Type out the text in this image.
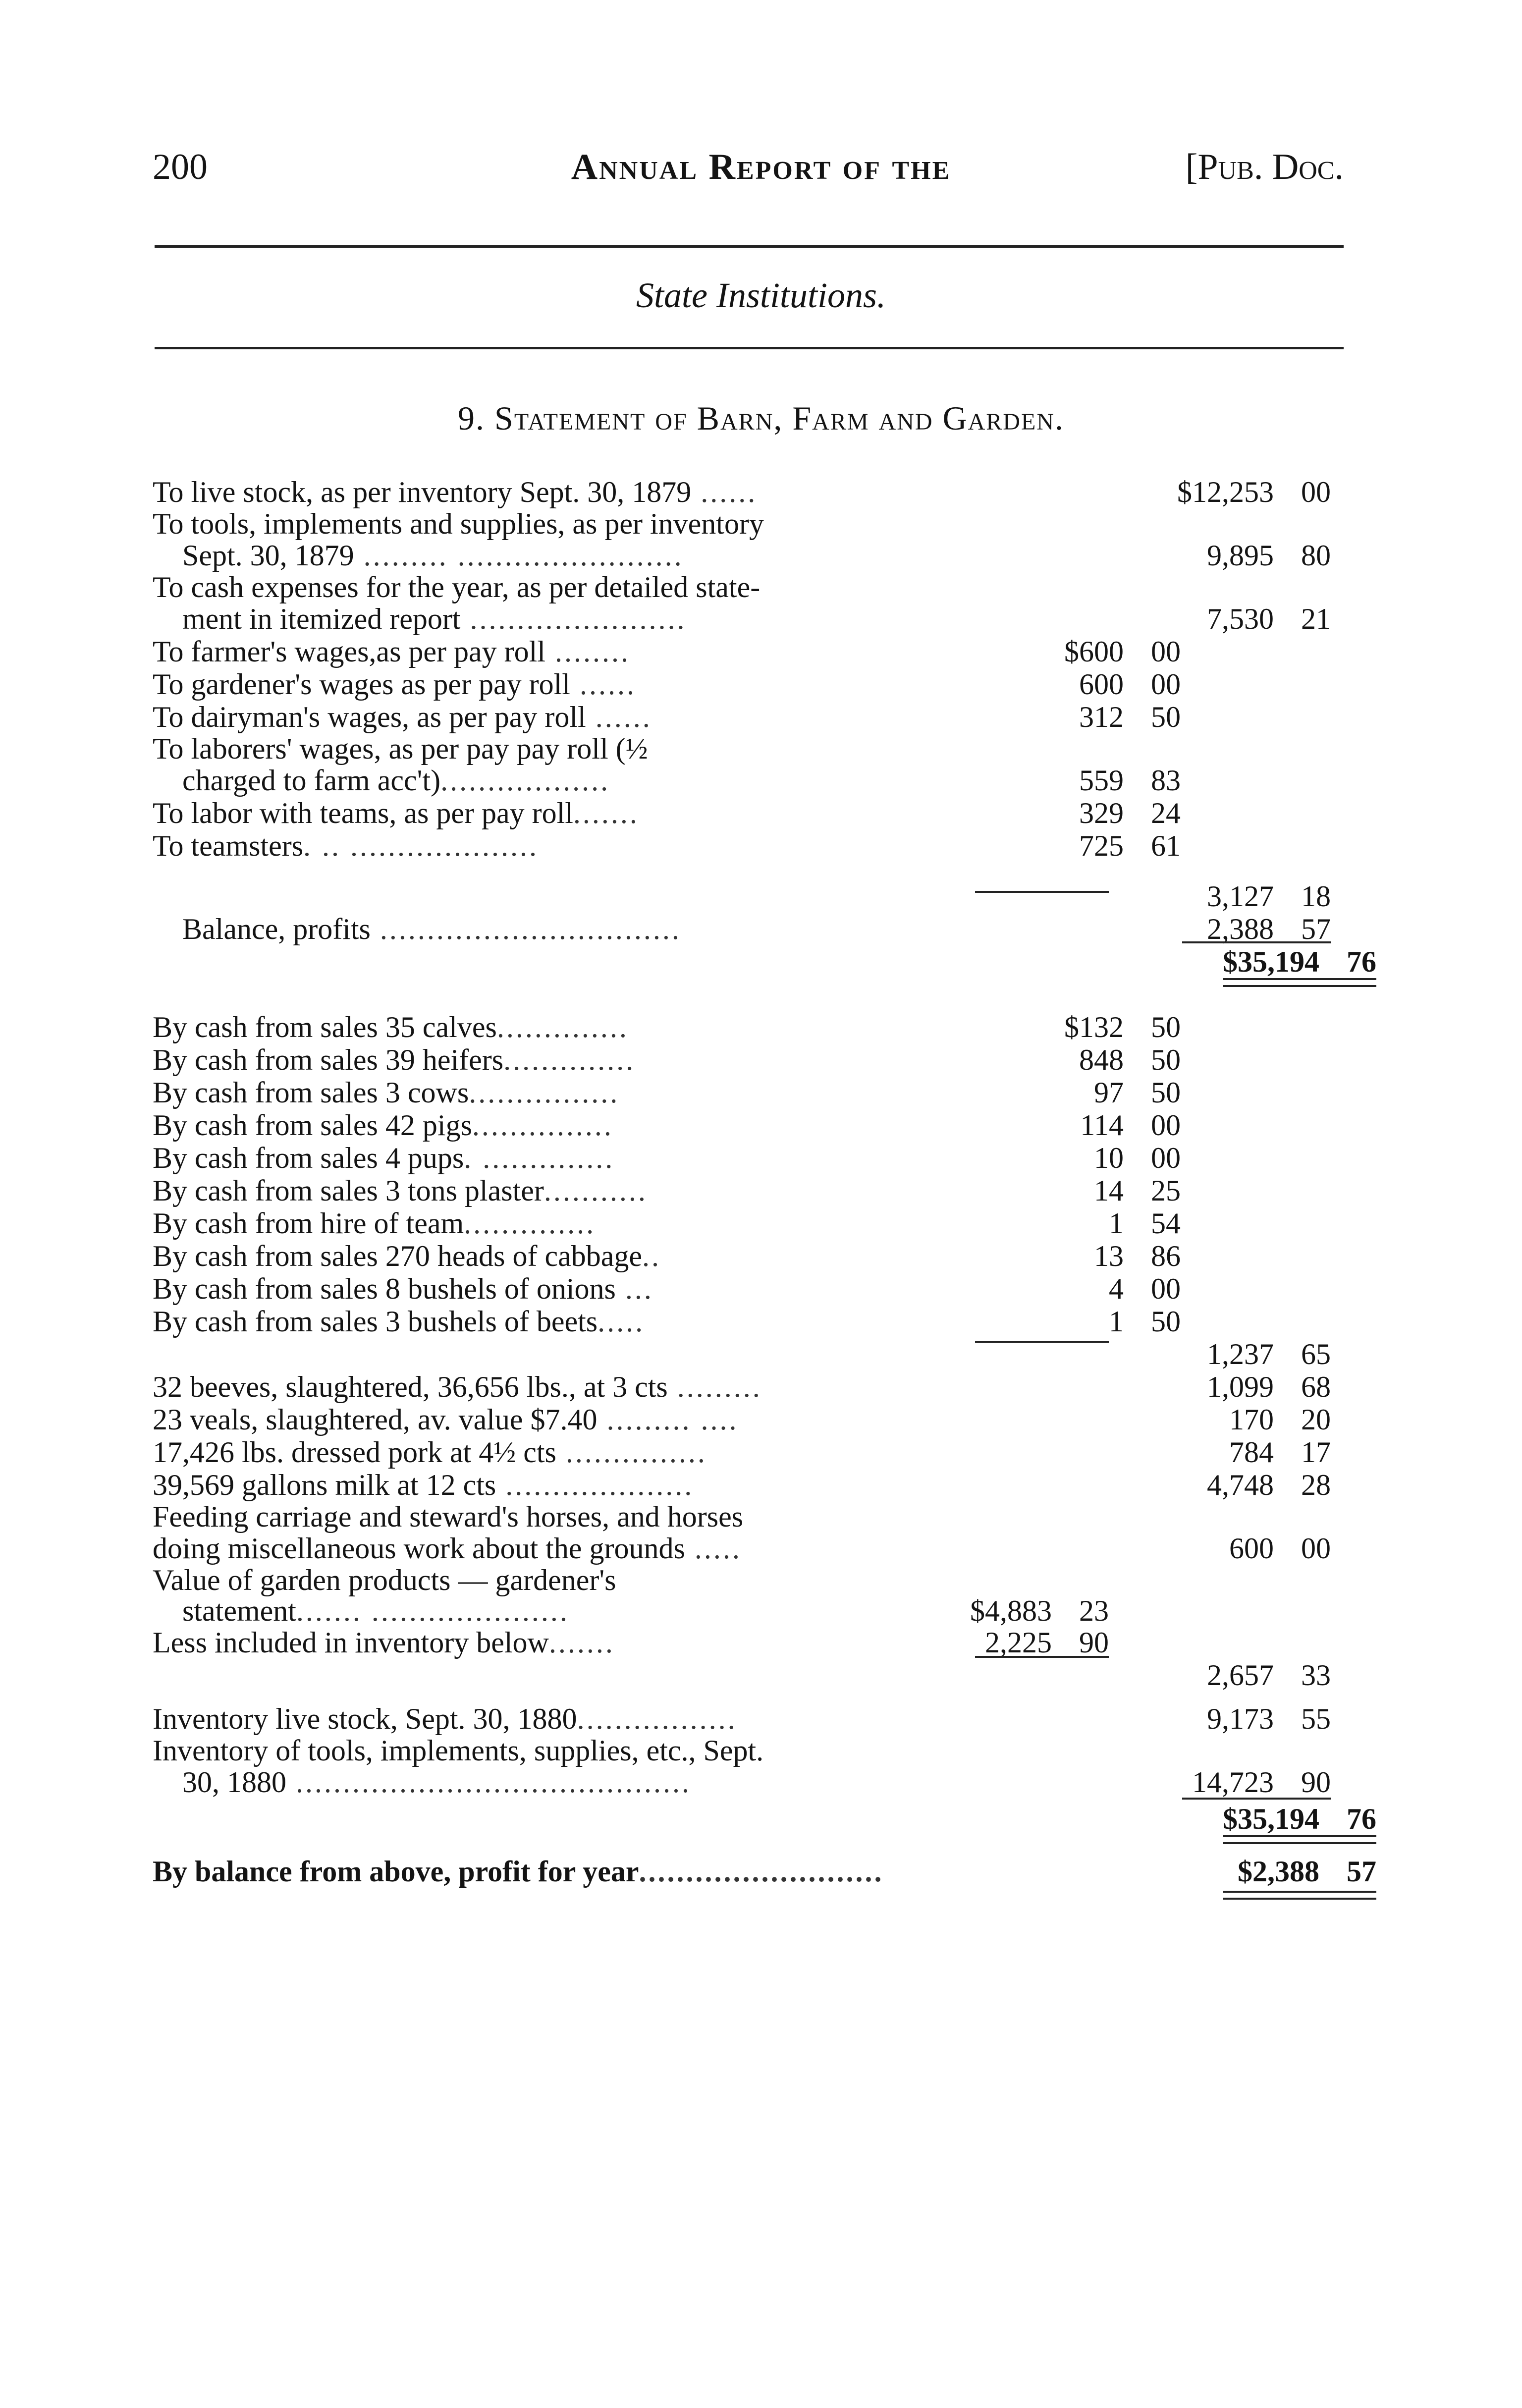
200	Annual Report of the	[Pub. Doc.
State Institutions.
9. Statement of Barn, Farm and Garden.
To live stock, as per inventory Sept. 30, 1879 ......	$12,253 00
To tools, implements and supplies, as per inventory
Sept. 30, 1879 ......... ........................	9,895 80
To cash expenses for the year, as per detailed state-
ment in itemized report .......................	7,530 21
To farmer's wages,as per pay roll ........	$600 00
To gardener's wages as per pay roll ......	600 00
To dairyman's wages, as per pay roll ......	312 50
To laborers' wages, as per pay pay roll (½
charged to farm acc't)..................	559 83
To labor with teams, as per pay roll.......	329 24
To teamsters. .. ....................	725 61
3,127 18
Balance, profits ................................	2,388 57
$35,194 76
By cash from sales 35 calves..............	$132 50
By cash from sales 39 heifers..............	848 50
By cash from sales 3 cows................	97 50
By cash from sales 42 pigs...............	114 00
By cash from sales 4 pups. ..............	10 00
By cash from sales 3 tons plaster...........	14 25
By cash from hire of team..............	1 54
By cash from sales 270 heads of cabbage..	13 86
By cash from sales 8 bushels of onions ...	4 00
By cash from sales 3 bushels of beets.....	1 50
1,237 65
32 beeves, slaughtered, 36,656 lbs., at 3 cts .........	1,099 68
23 veals, slaughtered, av. value $7.40 ......... ....	170 20
17,426 lbs. dressed pork at 4½ cts ...............	784 17
39,569 gallons milk at 12 cts ....................	4,748 28
Feeding carriage and steward's horses, and horses
doing miscellaneous work about the grounds .....	600 00
Value of garden products — gardener's
statement....... .....................	$4,883 23
Less included in inventory below.......	2,225 90
2,657 33
Inventory live stock, Sept. 30, 1880.................	9,173 55
Inventory of tools, implements, supplies, etc., Sept.
30, 1880 ..........................................	14,723 90
$35,194 76
By balance from above, profit for year..........................	$2,388 57
